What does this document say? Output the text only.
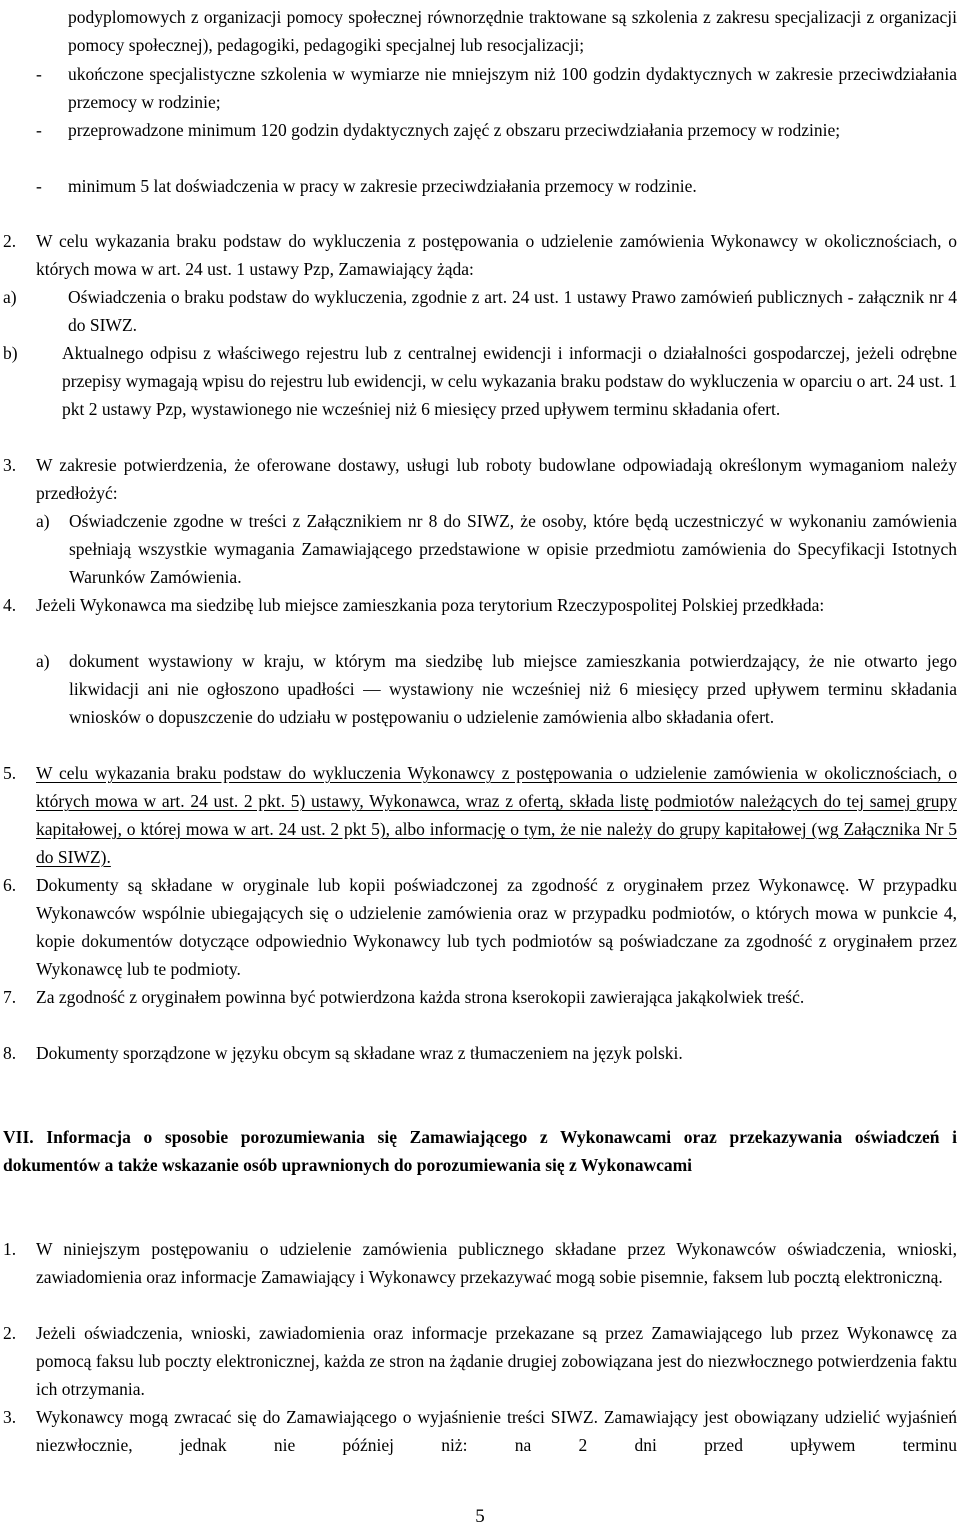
podyplomowych z organizacji pomocy społecznej równorzędnie traktowane są szkolenia z zakresu specjalizacji z organizacji pomocy społecznej), pedagogiki, pedagogiki specjalnej lub resocjalizacji;
-	ukończone specjalistyczne szkolenia w wymiarze nie mniejszym niż 100 godzin dydaktycznych w zakresie przeciwdziałania przemocy w rodzinie;
-	przeprowadzone minimum 120 godzin dydaktycznych zajęć z obszaru przeciwdziałania przemocy w rodzinie;
-	minimum 5 lat doświadczenia w pracy w zakresie przeciwdziałania przemocy w rodzinie.
2.	W celu wykazania braku podstaw do wykluczenia z postępowania o udzielenie zamówienia Wykonawcy w okolicznościach, o których mowa w art. 24 ust. 1 ustawy Pzp, Zamawiający żąda:
a)	Oświadczenia o braku podstaw do wykluczenia, zgodnie z art. 24 ust. 1 ustawy Prawo zamówień publicznych - załącznik nr 4 do SIWZ.
b)	Aktualnego odpisu z właściwego rejestru lub z centralnej ewidencji i informacji o działalności gospodarczej, jeżeli odrębne przepisy wymagają wpisu do rejestru lub ewidencji, w celu wykazania braku podstaw do wykluczenia w oparciu o art. 24 ust. 1 pkt 2 ustawy Pzp, wystawionego nie wcześniej niż 6 miesięcy przed upływem terminu składania ofert.
3.	W zakresie potwierdzenia, że oferowane dostawy, usługi lub roboty budowlane odpowiadają określonym wymaganiom należy przedłożyć:
a)	Oświadczenie zgodne w treści z Załącznikiem nr 8 do SIWZ, że osoby, które będą uczestniczyć w wykonaniu zamówienia spełniają wszystkie wymagania Zamawiającego przedstawione w opisie przedmiotu zamówienia do Specyfikacji Istotnych Warunków Zamówienia.
4.	Jeżeli Wykonawca ma siedzibę lub miejsce zamieszkania poza terytorium Rzeczypospolitej Polskiej przedkłada:
a)	dokument wystawiony w kraju, w którym ma siedzibę lub miejsce zamieszkania potwierdzający, że nie otwarto jego likwidacji ani nie ogłoszono upadłości — wystawiony nie wcześniej niż 6 miesięcy przed upływem terminu składania wniosków o dopuszczenie do udziału w postępowaniu o udzielenie zamówienia albo składania ofert.
5.	W celu wykazania braku podstaw do wykluczenia Wykonawcy z postępowania o udzielenie zamówienia w okolicznościach, o których mowa w art. 24 ust. 2 pkt. 5) ustawy, Wykonawca, wraz z ofertą, składa listę podmiotów należących do tej samej grupy kapitałowej, o której mowa w art. 24 ust. 2 pkt 5), albo informację o tym, że nie należy do grupy kapitałowej (wg Załącznika Nr 5 do SIWZ).
6.	Dokumenty są składane w oryginale lub kopii poświadczonej za zgodność z oryginałem przez Wykonawcę. W przypadku Wykonawców wspólnie ubiegających się o udzielenie zamówienia oraz w przypadku podmiotów, o których mowa w punkcie 4, kopie dokumentów dotyczące odpowiednio Wykonawcy lub tych podmiotów są poświadczane za zgodność z oryginałem przez Wykonawcę lub te podmioty.
7.	Za zgodność z oryginałem powinna być potwierdzona każda strona kserokopii zawierająca jakąkolwiek treść.
8.	Dokumenty sporządzone w języku obcym są składane wraz z tłumaczeniem na język polski.
VII. Informacja o sposobie porozumiewania się Zamawiającego z Wykonawcami oraz przekazywania oświadczeń i dokumentów a także wskazanie osób uprawnionych do porozumiewania się z Wykonawcami
1.	W niniejszym postępowaniu o udzielenie zamówienia publicznego składane przez Wykonawców oświadczenia, wnioski, zawiadomienia oraz informacje Zamawiający i Wykonawcy przekazywać mogą sobie pisemnie, faksem lub pocztą elektroniczną.
2.	Jeżeli oświadczenia, wnioski, zawiadomienia oraz informacje przekazane są przez Zamawiającego lub przez Wykonawcę za pomocą faksu lub poczty elektronicznej, każda ze stron na żądanie drugiej zobowiązana jest do niezwłocznego potwierdzenia faktu ich otrzymania.
3.	Wykonawcy mogą zwracać się do Zamawiającego o wyjaśnienie treści SIWZ. Zamawiający jest obowiązany udzielić wyjaśnień niezwłocznie, jednak nie później niż: na 2 dni przed upływem terminu
5
